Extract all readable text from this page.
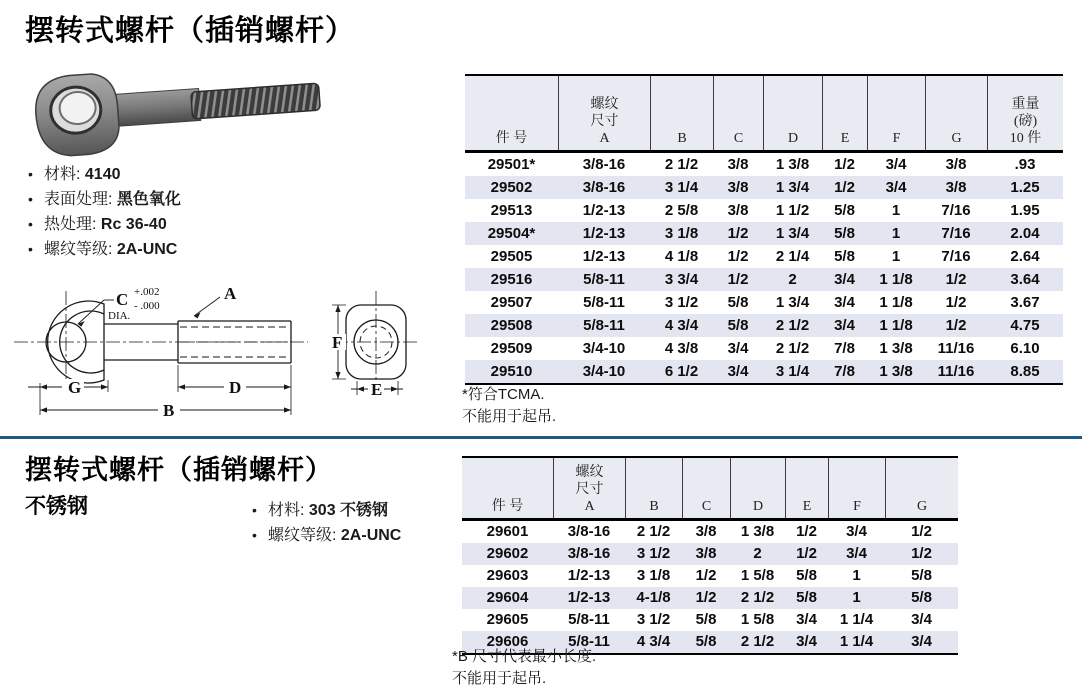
摆转式螺杆（插销螺杆）
• 材料: 4140
• 表面处理: 黑色氧化
• 热处理: Rc 36-40
• 螺纹等级: 2A-UNC
G	D
B
A
F
E
C +.002
- .000
DIA.
件 号
螺纹
尺寸
A	B	C	D	E	F	G
重量
(磅)
10 件
29501*	3/8-16	2 1/2	3/8	1 3/8	1/2	3/4	3/8	.93
29502	3/8-16	3 1/4	3/8	1 3/4	1/2	3/4	3/8	1.25
29513	1/2-13	2 5/8	3/8	1 1/2	5/8	1	7/16	1.95
29504*	1/2-13	3 1/8	1/2	1 3/4	5/8	1	7/16	2.04
29505	1/2-13	4 1/8	1/2	2 1/4	5/8	1	7/16	2.64
29516	5/8-11	3 3/4	1/2	2	3/4	1 1/8	1/2	3.64
29507	5/8-11	3 1/2	5/8	1 3/4	3/4	1 1/8	1/2	3.67
29508	5/8-11	4 3/4	5/8	2 1/2	3/4	1 1/8	1/2	4.75
29509	3/4-10	4 3/8	3/4	2 1/2	7/8	1 3/8	11/16	6.10
29510	3/4-10	6 1/2	3/4	3 1/4	7/8	1 3/8	11/16	8.85
*符合TCMA.
不能用于起吊.
摆转式螺杆（插销螺杆）
不锈钢	• 材料: 303 不锈钢
• 螺纹等级: 2A-UNC
件 号
螺纹
尺寸
A	B	C	D	E	F	G
29601	3/8-16	2 1/2	3/8	1 3/8	1/2	3/4	1/2
29602	3/8-16	3 1/2	3/8	2	1/2	3/4	1/2
29603	1/2-13	3 1/8	1/2	1 5/8	5/8	1	5/8
29604	1/2-13	4-1/8	1/2	2 1/2	5/8	1	5/8
29605	5/8-11	3 1/2	5/8	1 5/8	3/4	1 1/4	3/4
29606	5/8-11	4 3/4	5/8	2 1/2	3/4	1 1/4	3/4
*B 尺寸代表最小长度.
不能用于起吊.
